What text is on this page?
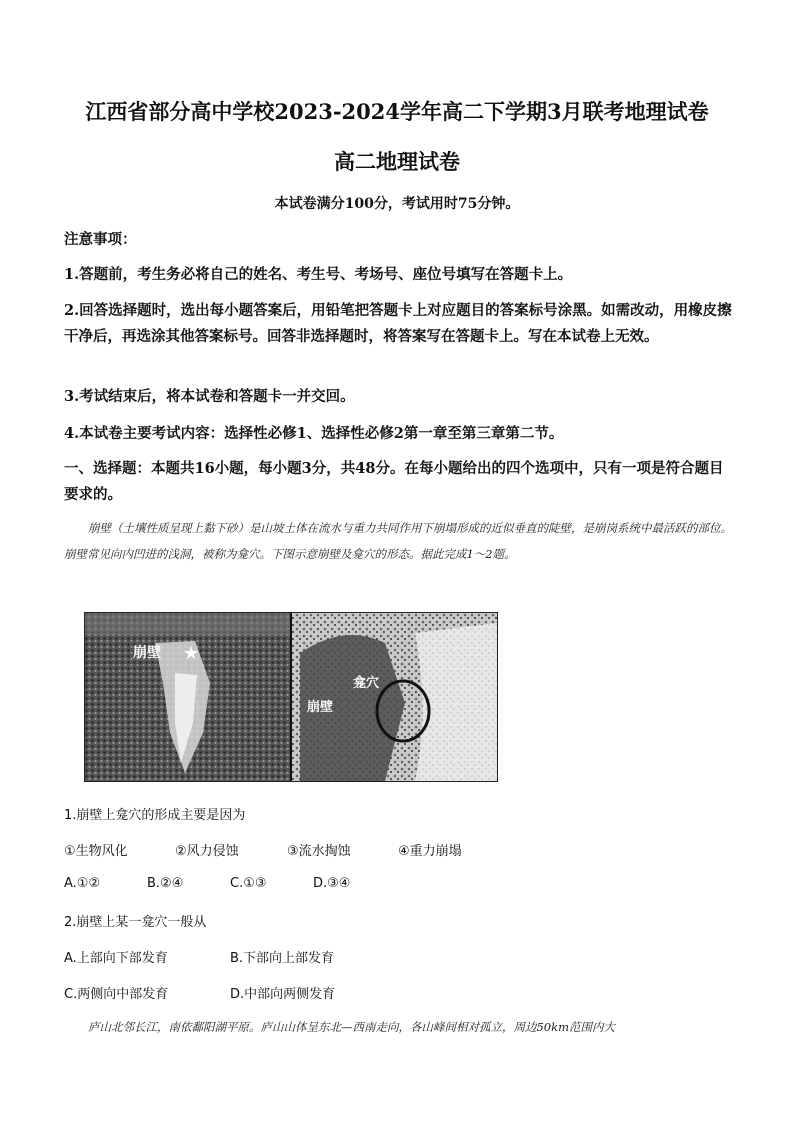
江西省部分高中学校2023-2024学年高二下学期3月联考地理试卷
高二地理试卷
本试卷满分100分，考试用时75分钟。
注意事项：
1.答题前，考生务必将自己的姓名、考生号、考场号、座位号填写在答题卡上。
2.回答选择题时，选出每小题答案后，用铅笔把答题卡上对应题目的答案标号涂黑。如需改动，用橡皮擦干净后，再选涂其他答案标号。回答非选择题时，将答案写在答题卡上。写在本试卷上无效。
3.考试结束后，将本试卷和答题卡一并交回。
4.本试卷主要考试内容：选择性必修1、选择性必修2第一章至第三章第二节。
一、选择题：本题共16小题，每小题3分，共48分。在每小题给出的四个选项中，只有一项是符合题目要求的。
崩壁（土壤性质呈现上黏下砂）是山坡土体在流水与重力共同作用下崩塌形成的近似垂直的陡壁，是崩岗系统中最活跃的部位。崩壁常见向内凹进的浅洞，被称为龛穴。下图示意崩壁及龛穴的形态。据此完成1～2题。
崩壁 ★
龛穴
崩壁
1.崩壁上龛穴的形成主要是因为
①生物风化	②风力侵蚀	③流水掏蚀	④重力崩塌
A.①②	B.②④	C.①③	D.③④
2.崩壁上某一龛穴一般从
A.上部向下部发育	B.下部向上部发育
C.两侧向中部发育	D.中部向两侧发育
庐山北邻长江，南依鄱阳湖平原。庐山山体呈东北—西南走向，各山峰间相对孤立，周边50km范围内大
